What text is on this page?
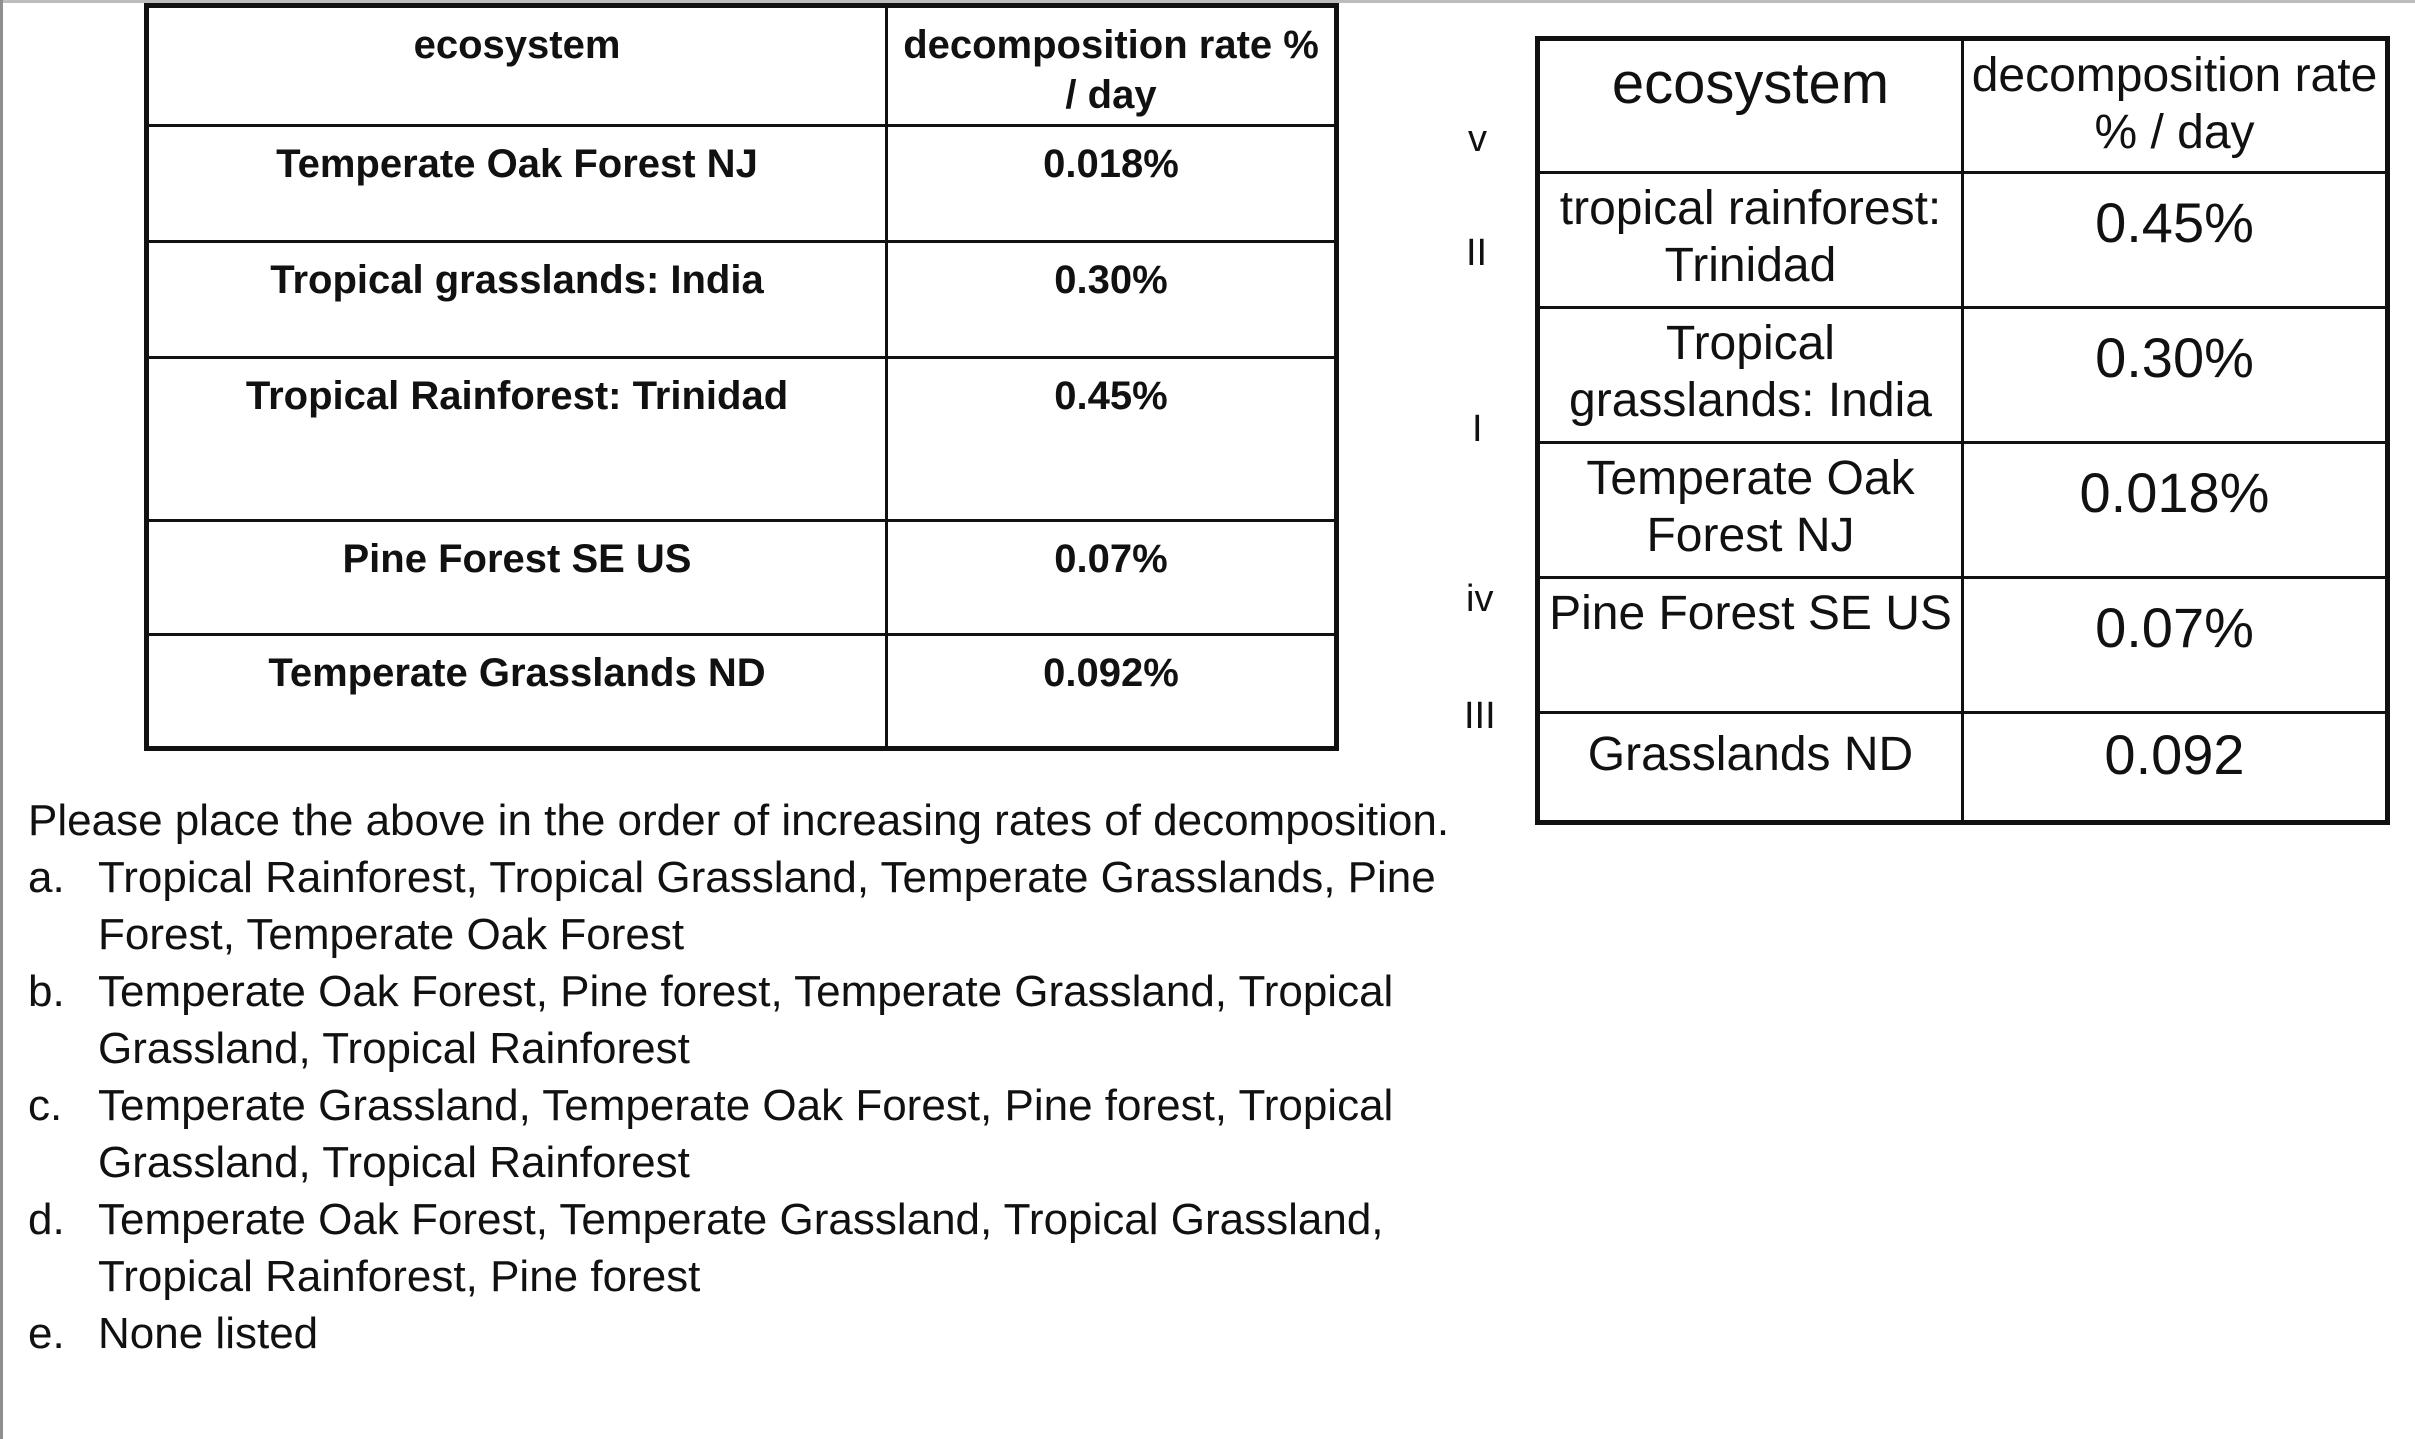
ecosystem	decomposition rate % / day
Temperate Oak Forest NJ	0.018%
Tropical grasslands: India	0.30%
Tropical Rainforest: Trinidad	0.45%
Pine Forest SE US	0.07%
Temperate Grasslands ND	0.092%
v
II
I
iv
III
ecosystem	decomposition rate % / day
tropical rainforest: Trinidad	0.45%
Tropical grasslands: India	0.30%
Temperate Oak Forest NJ	0.018%
Pine Forest SE US	0.07%
Grasslands ND	0.092

Please place the above in the order of increasing rates of decomposition.

a. Tropical Rainforest, Tropical Grassland, Temperate Grasslands, Pine Forest, Temperate Oak Forest
b. Temperate Oak Forest, Pine forest, Temperate Grassland, Tropical Grassland, Tropical Rainforest
c. Temperate Grassland, Temperate Oak Forest, Pine forest, Tropical Grassland, Tropical Rainforest
d. Temperate Oak Forest, Temperate Grassland, Tropical Grassland, Tropical Rainforest, Pine forest
e. None listed
